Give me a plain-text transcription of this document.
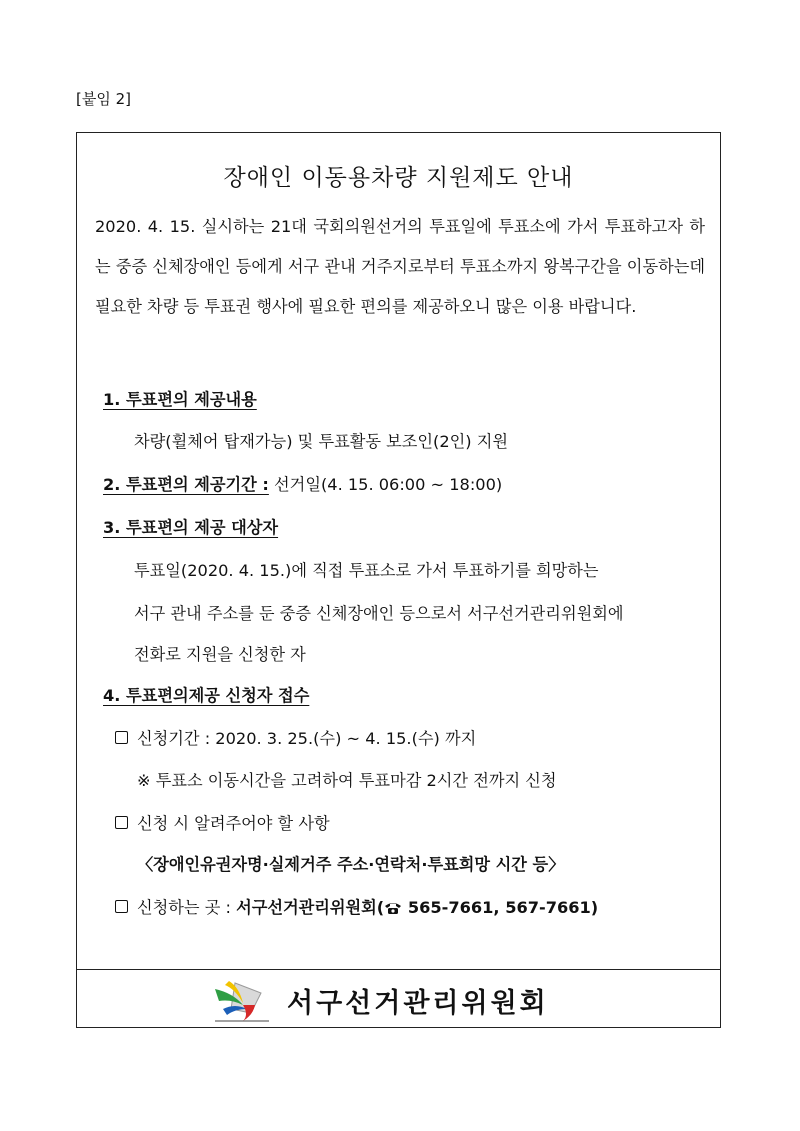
[붙임 2]
장애인 이동용차량 지원제도 안내
2020. 4. 15. 실시하는 21대 국회의원선거의 투표일에 투표소에 가서 투표하고자 하는 중증 신체장애인 등에게 서구 관내 거주지로부터 투표소까지 왕복구간을 이동하는데 필요한 차량 등 투표권 행사에 필요한 편의를 제공하오니 많은 이용 바랍니다.
1. 투표편의 제공내용
차량(휠체어 탑재가능) 및 투표활동 보조인(2인) 지원
2. 투표편의 제공기간 : 선거일(4. 15. 06:00 ~ 18:00)
3. 투표편의 제공 대상자
투표일(2020. 4. 15.)에 직접 투표소로 가서 투표하기를 희망하는
서구 관내 주소를 둔 중증 신체장애인 등으로서 서구선거관리위원회에
전화로 지원을 신청한 자
4. 투표편의제공 신청자 접수
신청기간 : 2020. 3. 25.(수) ~ 4. 15.(수) 까지
※ 투표소 이동시간을 고려하여 투표마감 2시간 전까지 신청
신청 시 알려주어야 할 사항
〈장애인유권자명·실제거주 주소·연락처·투표희망 시간 등〉
신청하는 곳 : 서구선거관리위원회( 565-7661, 567-7661)
서구선거관리위원회
